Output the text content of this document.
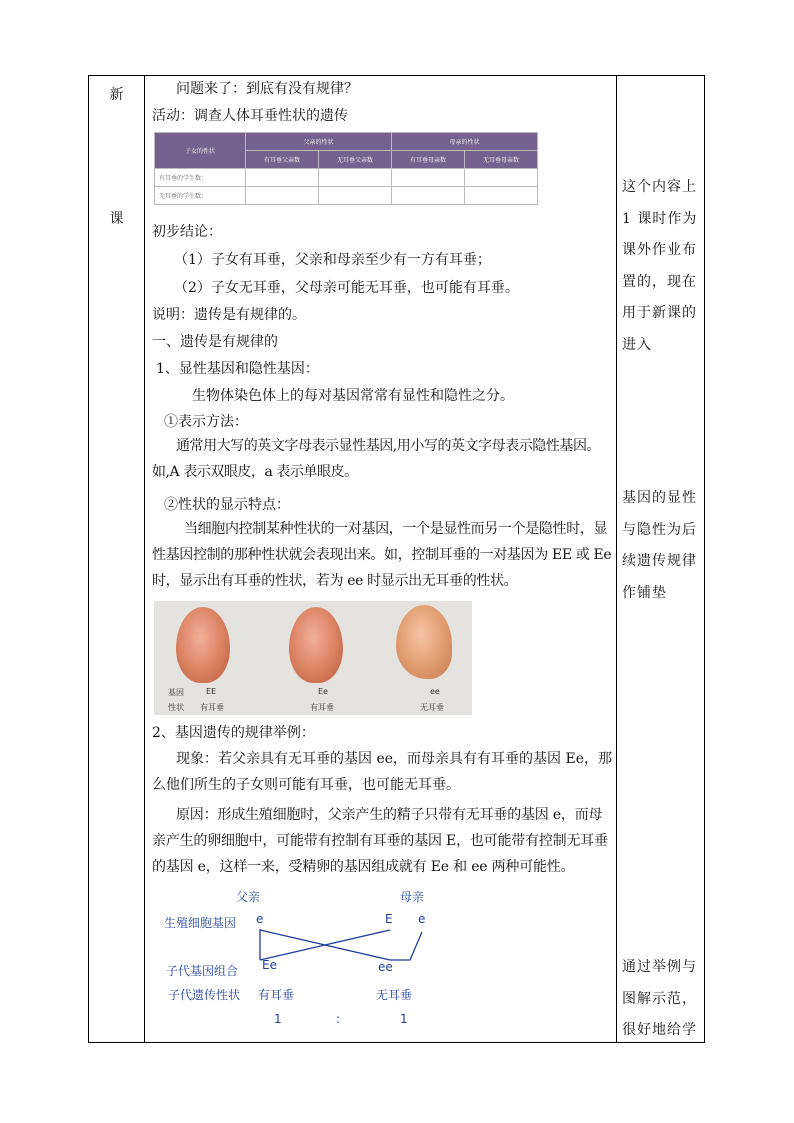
新
课
问题来了：到底有没有规律？
活动：调查人体耳垂性状的遗传
子女的性状	父亲的性状		母亲的性状	
	有耳垂父亲数	无耳垂父亲数	有耳垂母亲数	无耳垂母亲数
有耳垂的学生数：				
无耳垂的学生数：				
初步结论：
（1）子女有耳垂，父亲和母亲至少有一方有耳垂；
（2）子女无耳垂，父母亲可能无耳垂，也可能有耳垂。
说明：遗传是有规律的。
一、遗传是有规律的
1、显性基因和隐性基因：
生物体染色体上的每对基因常常有显性和隐性之分。
①表示方法：
通常用大写的英文字母表示显性基因,用小写的英文字母表示隐性基因。如,A 表示双眼皮，a 表示单眼皮。
②性状的显示特点：
当细胞内控制某种性状的一对基因，一个是显性而另一个是隐性时，显性基因控制的那种性状就会表现出来。如，控制耳垂的一对基因为 EE 或 Ee 时，显示出有耳垂的性状，若为 ee 时显示出无耳垂的性状。
基因
性状
EE
有耳垂
Ee
有耳垂
ee
无耳垂
2、基因遗传的规律举例：
现象：若父亲具有无耳垂的基因 ee，而母亲具有有耳垂的基因 Ee，那么他们所生的子女则可能有耳垂，也可能无耳垂。
原因：形成生殖细胞时，父亲产生的精子只带有无耳垂的基因 e，而母亲产生的卵细胞中，可能带有控制有耳垂的基因 E，也可能带有控制无耳垂的基因 e，这样一来，受精卵的基因组成就有 Ee 和 ee 两种可能性。
父亲	母亲
生殖细胞基因 e	E e
子代基因组合 Ee	ee
子代遗传性状 有耳垂	无耳垂
1	:	1
这个内容上 1 课时作为课外作业布置的，现在用于新课的进入
基因的显性与隐性为后续遗传规律作铺垫
通过举例与图解示范，很好地给学
